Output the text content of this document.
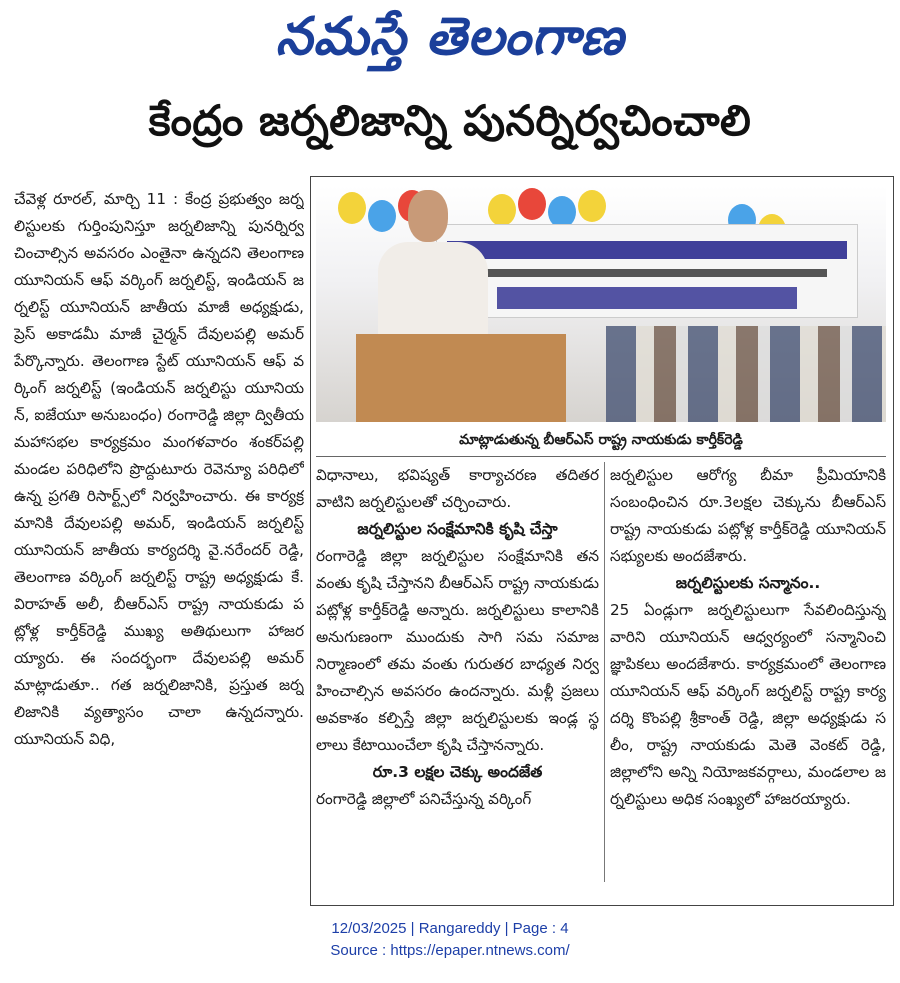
నమస్తే తెలంగాణ
కేంద్రం జర్నలిజాన్ని పునర్నిర్వచించాలి
చేవెళ్ల రూరల్, మార్చి 11 : కేంద్ర ప్రభుత్వం జర్నలిస్టులకు గుర్తింపునిస్తూ జర్నలిజాన్ని పునర్నిర్వచించాల్సిన అవసరం ఎంతైనా ఉన్నదని తెలంగాణ యూనియన్ ఆఫ్ వర్కింగ్ జర్నలిస్ట్, ఇండియన్ జర్నలిస్ట్ యూనియన్ జాతీయ మాజీ అధ్యక్షుడు, ప్రెస్ అకాడమీ మాజీ చైర్మన్ దేవులపల్లి అమర్ పేర్కొన్నారు. తెలంగాణ స్టేట్ యూనియన్ ఆఫ్ వర్కింగ్ జర్నలిస్ట్ (ఇండియన్ జర్నలిస్టు యూనియన్, ఐజేయూ అనుబంధం) రంగారెడ్డి జిల్లా ద్వితీయ మహాసభల కార్యక్రమం మంగళవారం శంకర్‌పల్లి మండల పరిధిలోని ప్రొద్దుటూరు రెవెన్యూ పరిధిలో ఉన్న ప్రగతి రిసార్ట్స్‌లో నిర్వహించారు. ఈ కార్యక్రమానికి దేవులపల్లి అమర్, ఇండియన్ జర్నలిస్ట్ యూనియన్ జాతీయ కార్యదర్శి వై.నరేందర్ రెడ్డి, తెలంగాణ వర్కింగ్ జర్నలిస్ట్ రాష్ట్ర అధ్యక్షుడు కే.విరాహత్ అలీ, బీఆర్ఎస్ రాష్ట్ర నాయకుడు పట్లోళ్ల కార్తీక్‌రెడ్డి ముఖ్య అతిథులుగా హాజరయ్యారు. ఈ సందర్భంగా దేవులపల్లి అమర్ మాట్లాడుతూ.. గత జర్నలిజానికి, ప్రస్తుత జర్నలిజానికి వ్యత్యాసం చాలా ఉన్నదన్నారు. యూనియన్ విధి,
మాట్లాడుతున్న బీఆర్ఎస్ రాష్ట్ర నాయకుడు కార్తీక్‌రెడ్డి
విధానాలు, భవిష్యత్ కార్యాచరణ తదితర వాటిని జర్నలిస్టులతో చర్చించారు.
జర్నలిస్టుల సంక్షేమానికి కృషి చేస్తా
రంగారెడ్డి జిల్లా జర్నలిస్టుల సంక్షేమానికి తన వంతు కృషి చేస్తానని బీఆర్ఎస్ రాష్ట్ర నాయకుడు పట్లోళ్ల కార్తీక్‌రెడ్డి అన్నారు. జర్నలిస్టులు కాలానికి అనుగుణంగా ముందుకు సాగి సమ సమాజ నిర్మాణంలో తమ వంతు గురుతర బాధ్యత నిర్వహించాల్సిన అవసరం ఉందన్నారు. మళ్లీ ప్రజలు అవకాశం కల్పిస్తే జిల్లా జర్నలిస్టులకు ఇండ్ల స్థలాలు కేటాయించేలా కృషి చేస్తానన్నారు.
రూ.3 లక్షల చెక్కు అందజేత
రంగారెడ్డి జిల్లాలో పనిచేస్తున్న వర్కింగ్
జర్నలిస్టుల ఆరోగ్య బీమా ప్రీమియానికి సంబంధించిన రూ.3లక్షల చెక్కును బీఆర్ఎస్ రాష్ట్ర నాయకుడు పట్లోళ్ల కార్తీక్‌రెడ్డి యూనియన్ సభ్యులకు అందజేశారు.
జర్నలిస్టులకు సన్మానం..
25 ఏండ్లుగా జర్నలిస్టులుగా సేవలిందిస్తున్న వారిని యూనియన్ ఆధ్వర్యంలో సన్మానించి జ్ఞాపికలు అందజేశారు. కార్యక్రమంలో తెలంగాణ యూనియన్ ఆఫ్ వర్కింగ్ జర్నలిస్ట్ రాష్ట్ర కార్యదర్శి కొంపల్లి శ్రీకాంత్ రెడ్డి, జిల్లా అధ్యక్షుడు సలీం, రాష్ట్ర నాయకుడు మెతె వెంకట్ రెడ్డి, జిల్లాలోని అన్ని నియోజకవర్గాలు, మండలాల జర్నలిస్టులు అధిక సంఖ్యలో హాజరయ్యారు.
12/03/2025 | Rangareddy | Page : 4
Source : https://epaper.ntnews.com/
